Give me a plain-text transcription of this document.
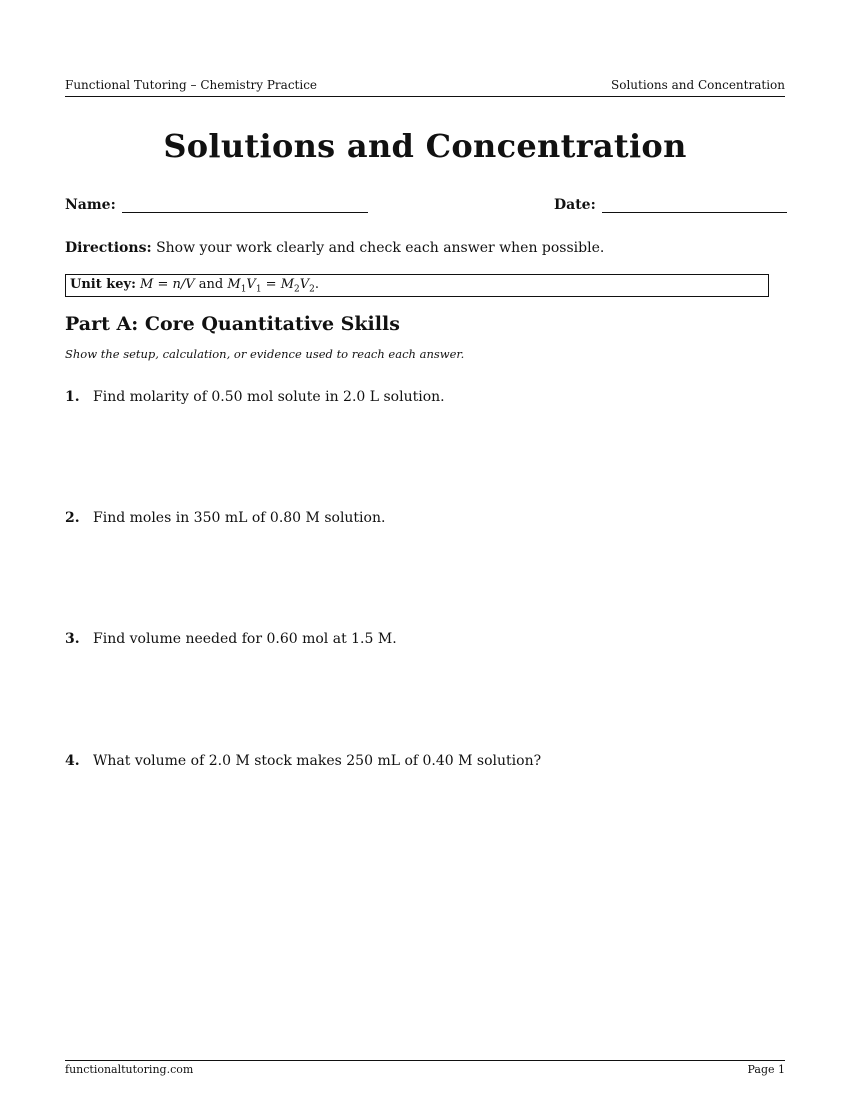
Functional Tutoring – Chemistry Practice	Solutions and Concentration
Solutions and Concentration
Name:	Date:
Directions: Show your work clearly and check each answer when possible.
Unit key: M = n/V and $M_1V_1 = M_2V_2$.
Part A: Core Quantitative Skills
Show the setup, calculation, or evidence used to reach each answer.
1. Find molarity of 0.50 mol solute in 2.0 L solution.
2. Find moles in 350 mL of 0.80 M solution.
3. Find volume needed for 0.60 mol at 1.5 M.
4. What volume of 2.0 M stock makes 250 mL of 0.40 M solution?
functionaltutoring.com	Page 1
